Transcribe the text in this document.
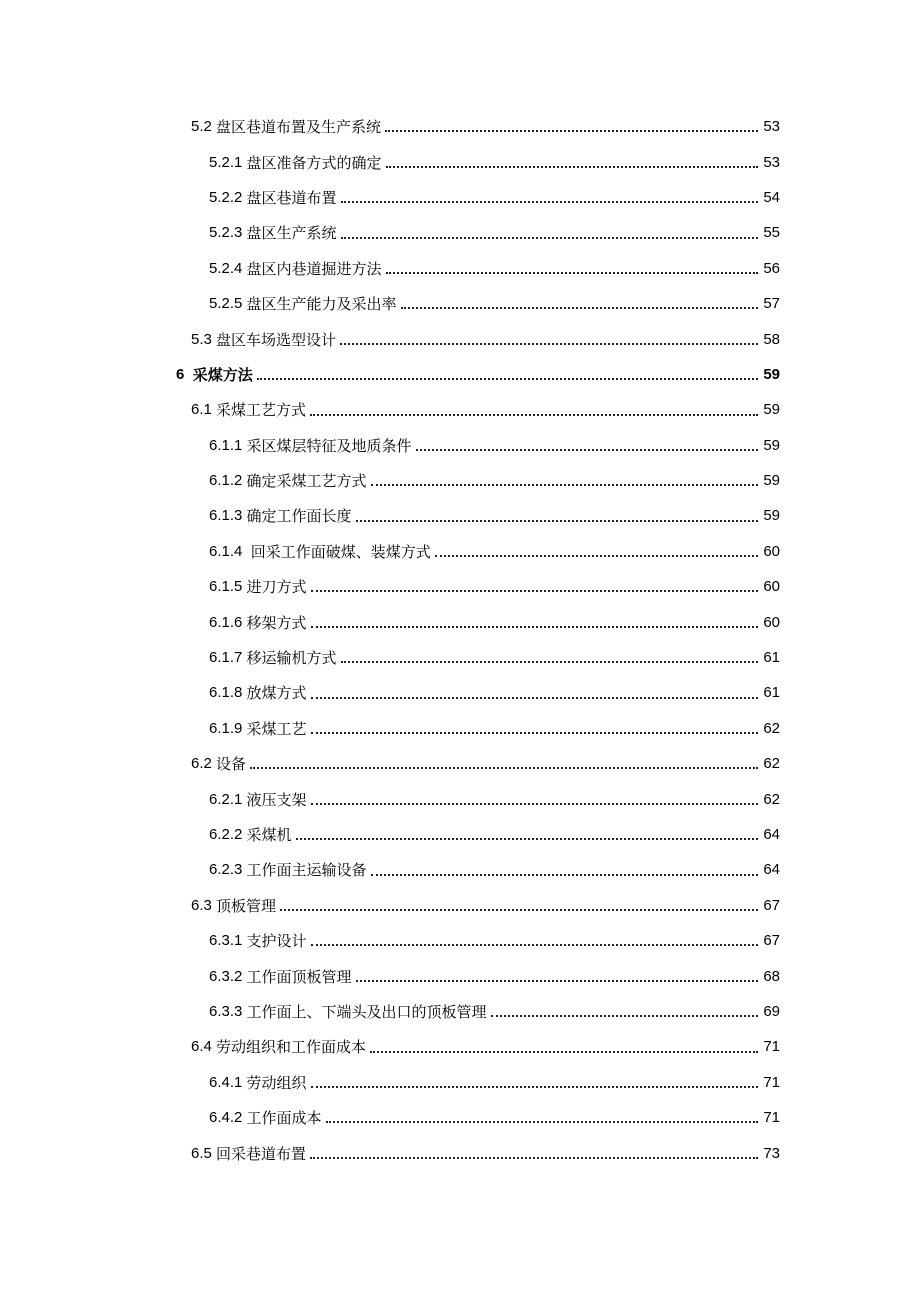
5.2 盘区巷道布置及生产系统	53
5.2.1 盘区准备方式的确定	53
5.2.2 盘区巷道布置	54
5.2.3 盘区生产系统	55
5.2.4 盘区内巷道掘进方法	56
5.2.5 盘区生产能力及采出率	57
5.3 盘区车场选型设计	58
6 采煤方法	59
6.1 采煤工艺方式	59
6.1.1 采区煤层特征及地质条件	59
6.1.2 确定采煤工艺方式	59
6.1.3 确定工作面长度	59
6.1.4 回采工作面破煤、装煤方式	60
6.1.5 进刀方式	60
6.1.6 移架方式	60
6.1.7 移运输机方式	61
6.1.8 放煤方式	61
6.1.9 采煤工艺	62
6.2 设备	62
6.2.1 液压支架	62
6.2.2 采煤机	64
6.2.3 工作面主运输设备	64
6.3 顶板管理	67
6.3.1 支护设计	67
6.3.2 工作面顶板管理	68
6.3.3 工作面上、下端头及出口的顶板管理	69
6.4 劳动组织和工作面成本	71
6.4.1 劳动组织	71
6.4.2 工作面成本	71
6.5 回采巷道布置	73
